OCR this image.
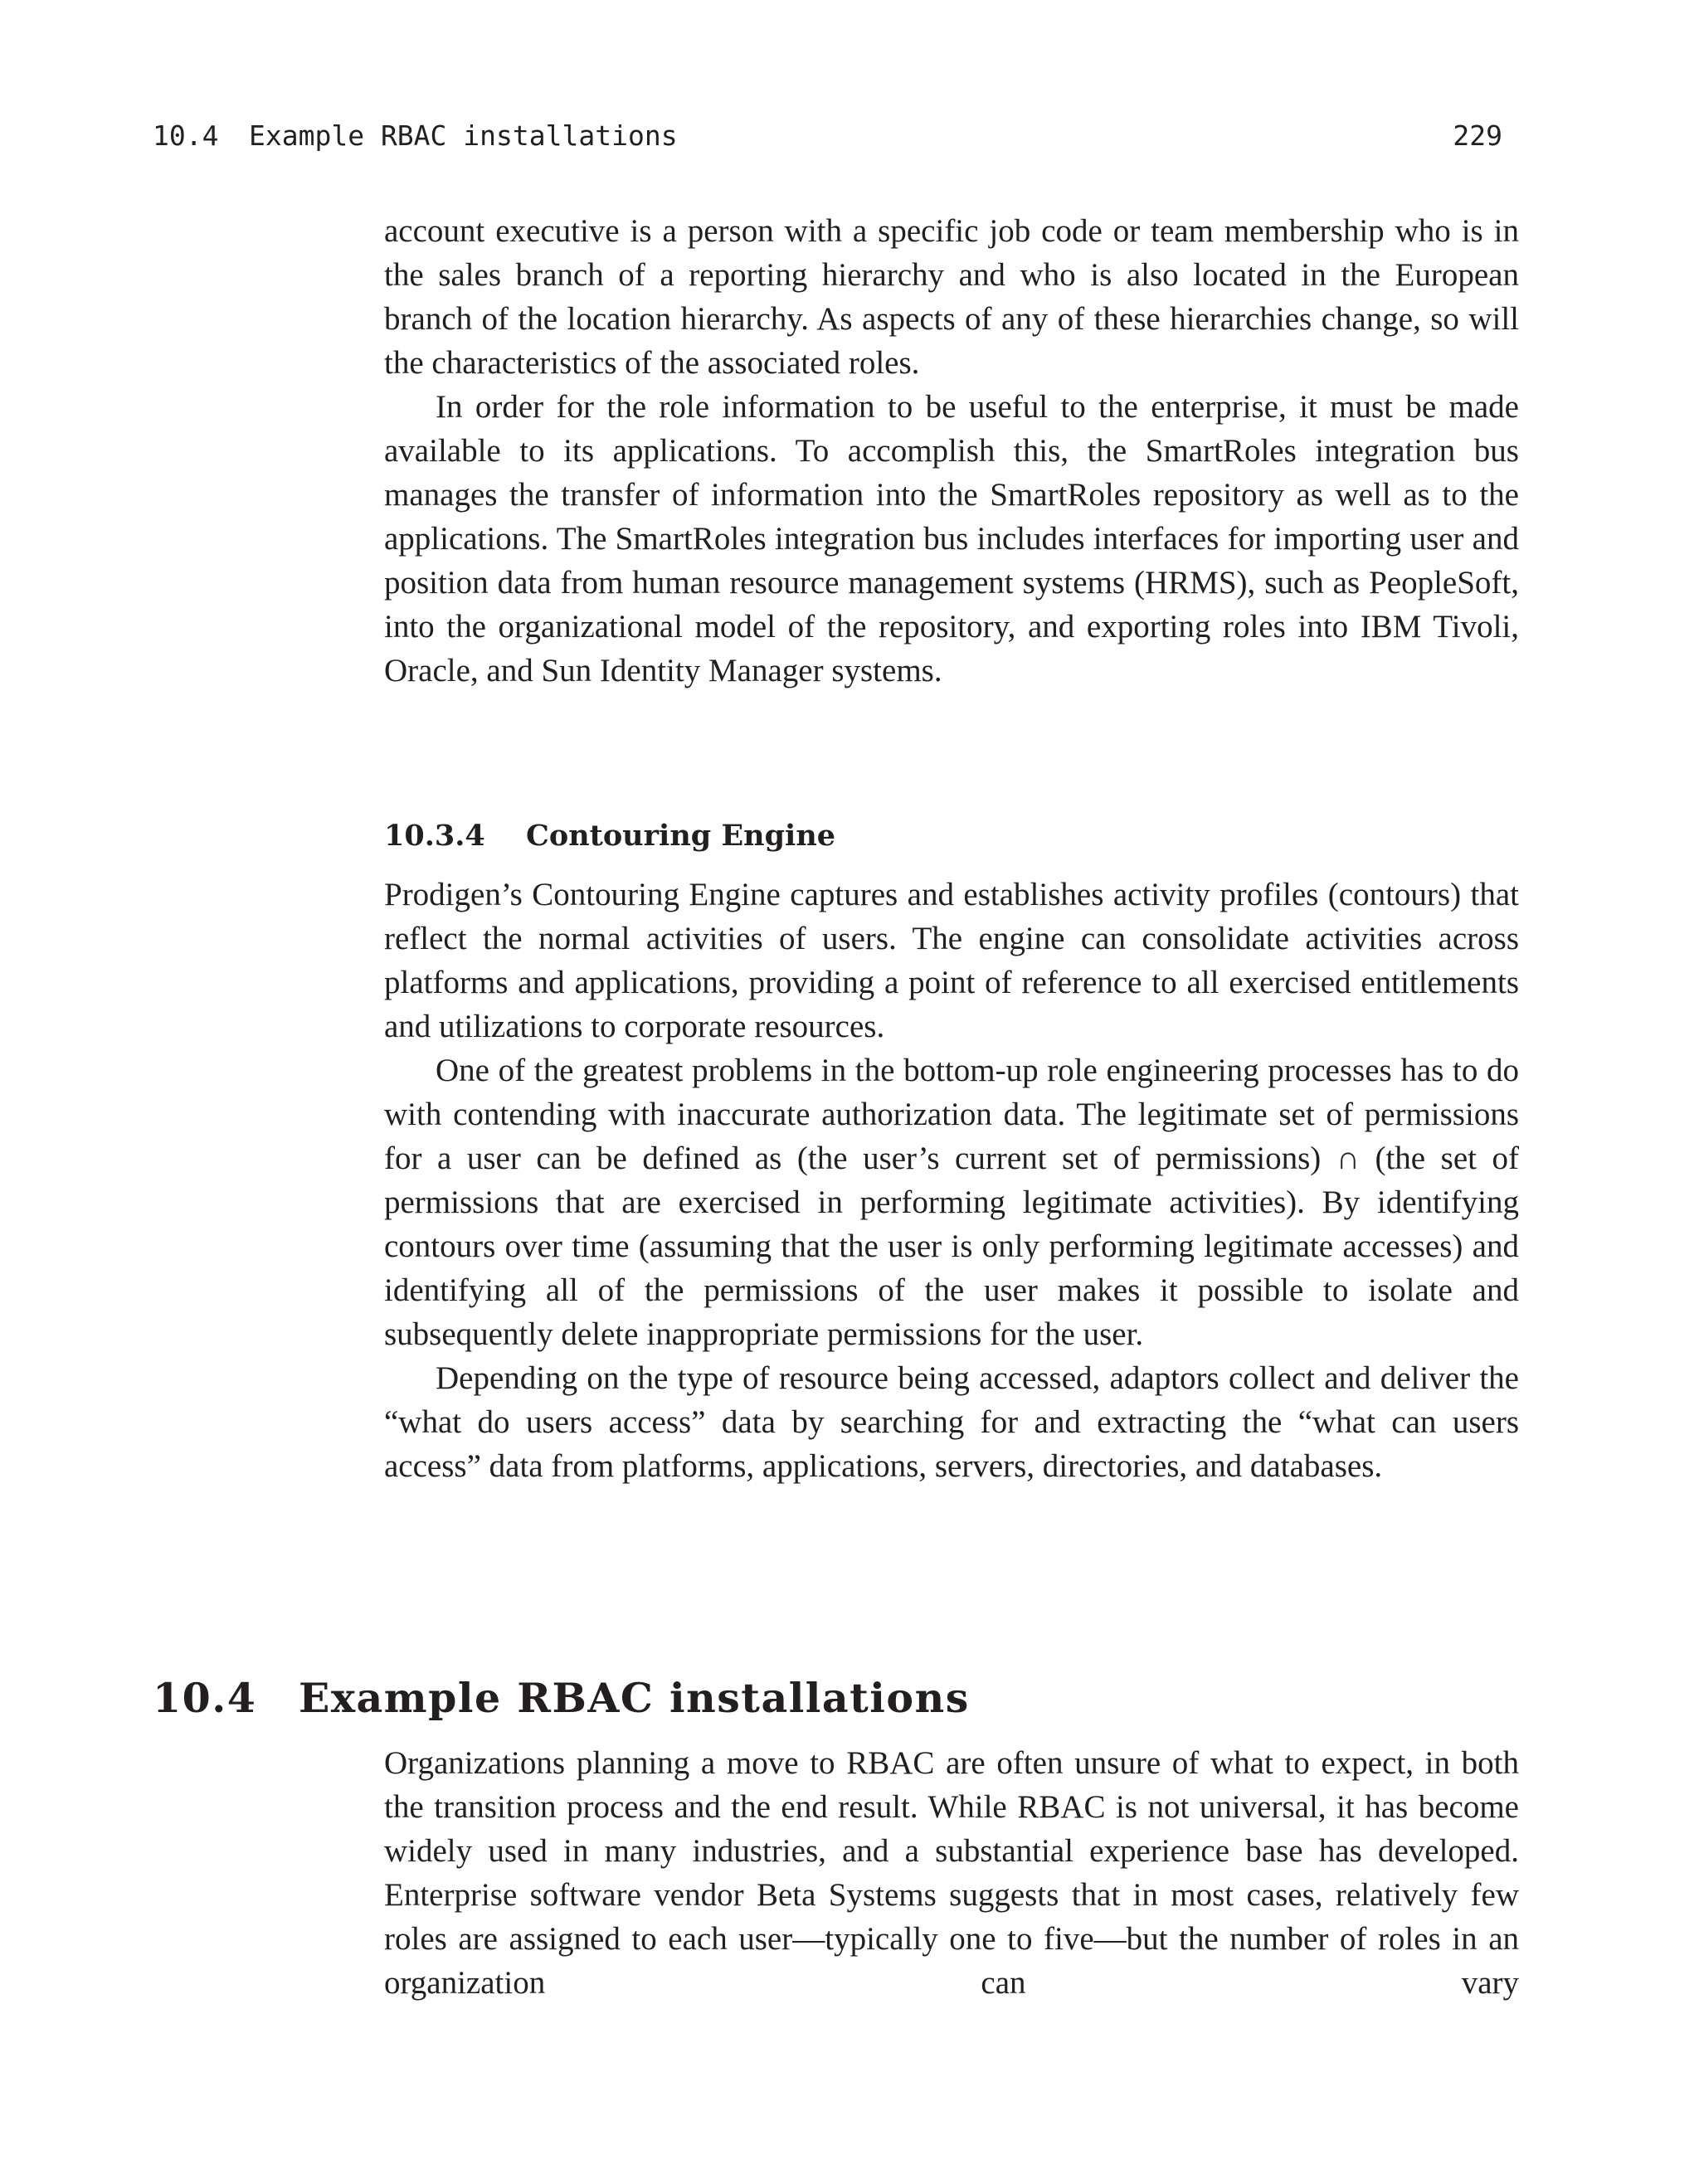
10.4 Example RBAC installations	229

account executive is a person with a specific job code or team membership who is in the sales branch of a reporting hierarchy and who is also located in the European branch of the location hierarchy. As aspects of any of these hierarchies change, so will the characteristics of the associated roles.

In order for the role information to be useful to the enterprise, it must be made available to its applications. To accomplish this, the SmartRoles integration bus manages the transfer of information into the SmartRoles repository as well as to the applications. The SmartRoles integration bus includes interfaces for importing user and position data from human resource management systems (HRMS), such as PeopleSoft, into the organizational model of the repository, and exporting roles into IBM Tivoli, Oracle, and Sun Identity Manager systems.

10.3.4 Contouring Engine

Prodigen’s Contouring Engine captures and establishes activity profiles (contours) that reflect the normal activities of users. The engine can consolidate activities across platforms and applications, providing a point of reference to all exercised entitlements and utilizations to corporate resources.

One of the greatest problems in the bottom-up role engineering processes has to do with contending with inaccurate authorization data. The legitimate set of permissions for a user can be defined as (the user’s current set of permissions) ∩ (the set of permissions that are exercised in performing legitimate activities). By identifying contours over time (assuming that the user is only performing legitimate accesses) and identifying all of the permissions of the user makes it possible to isolate and subsequently delete inappropriate permissions for the user.

Depending on the type of resource being accessed, adaptors collect and deliver the “what do users access” data by searching for and extracting the “what can users access” data from platforms, applications, servers, directories, and databases.

10.4 Example RBAC installations

Organizations planning a move to RBAC are often unsure of what to expect, in both the transition process and the end result. While RBAC is not universal, it has become widely used in many industries, and a substantial experience base has developed. Enterprise software vendor Beta Systems suggests that in most cases, relatively few roles are assigned to each user—typically one to five—but the number of roles in an organization can vary
